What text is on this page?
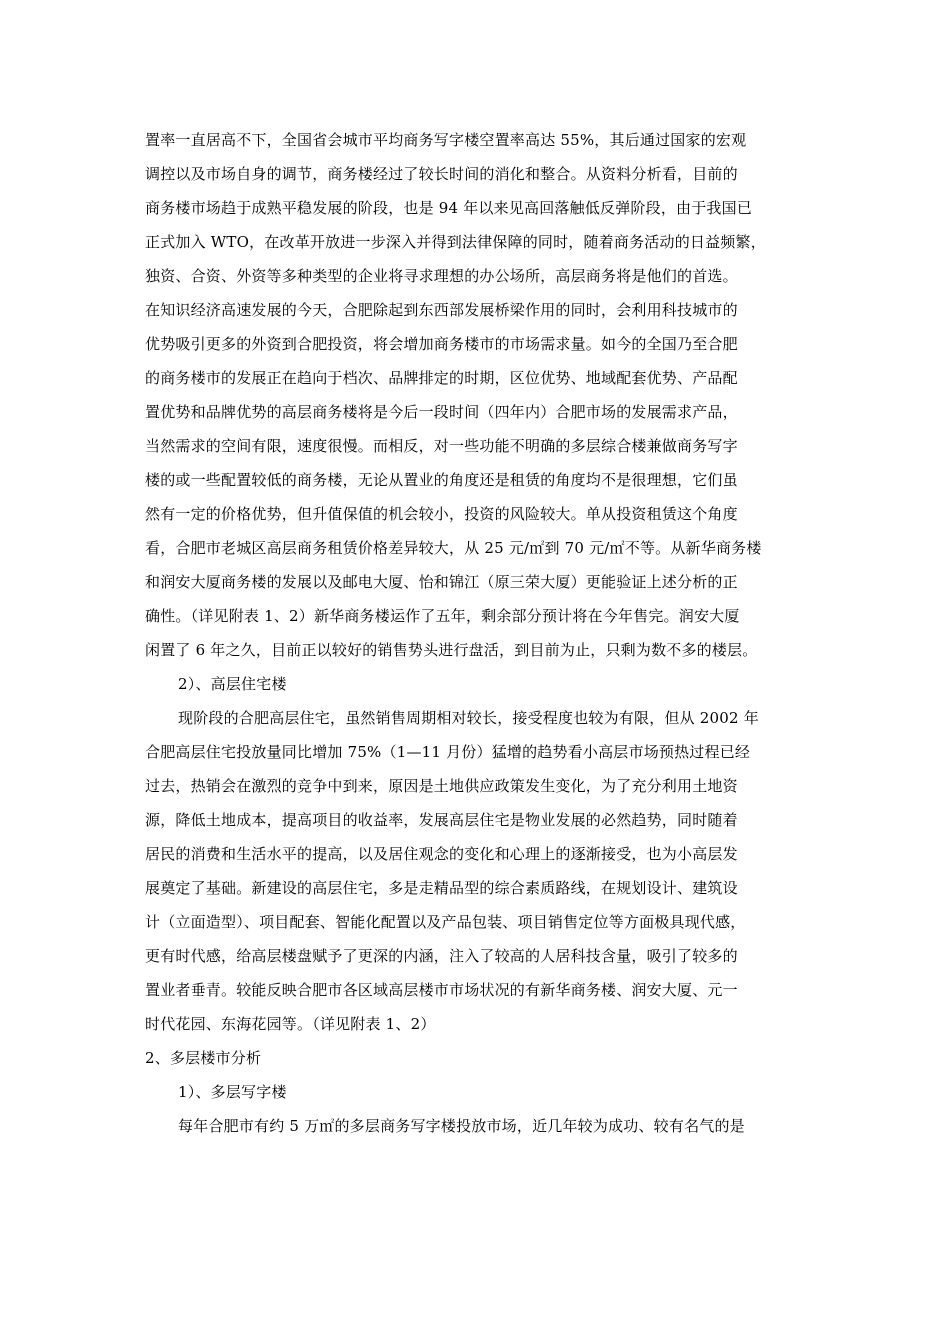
置率一直居高不下，全国省会城市平均商务写字楼空置率高达 55%，其后通过国家的宏观
调控以及市场自身的调节，商务楼经过了较长时间的消化和整合。从资料分析看，目前的
商务楼市场趋于成熟平稳发展的阶段，也是 94 年以来见高回落触低反弹阶段，由于我国已
正式加入 WTO，在改革开放进一步深入并得到法律保障的同时，随着商务活动的日益频繁，
独资、合资、外资等多种类型的企业将寻求理想的办公场所，高层商务将是他们的首选。
在知识经济高速发展的今天，合肥除起到东西部发展桥梁作用的同时，会利用科技城市的
优势吸引更多的外资到合肥投资，将会增加商务楼市的市场需求量。如今的全国乃至合肥
的商务楼市的发展正在趋向于档次、品牌排定的时期，区位优势、地域配套优势、产品配
置优势和品牌优势的高层商务楼将是今后一段时间（四年内）合肥市场的发展需求产品，
当然需求的空间有限，速度很慢。而相反，对一些功能不明确的多层综合楼兼做商务写字
楼的或一些配置较低的商务楼，无论从置业的角度还是租赁的角度均不是很理想，它们虽
然有一定的价格优势，但升值保值的机会较小，投资的风险较大。单从投资租赁这个角度
看，合肥市老城区高层商务租赁价格差异较大，从 25 元/㎡到 70 元/㎡不等。从新华商务楼
和润安大厦商务楼的发展以及邮电大厦、怡和锦江（原三荣大厦）更能验证上述分析的正
确性。（详见附表 1、2）新华商务楼运作了五年，剩余部分预计将在今年售完。润安大厦
闲置了 6 年之久，目前正以较好的销售势头进行盘活，到目前为止，只剩为数不多的楼层。
2）、高层住宅楼
现阶段的合肥高层住宅，虽然销售周期相对较长，接受程度也较为有限，但从 2002 年
合肥高层住宅投放量同比增加 75%（1—11 月份）猛增的趋势看小高层市场预热过程已经
过去，热销会在激烈的竞争中到来，原因是土地供应政策发生变化，为了充分利用土地资
源，降低土地成本，提高项目的收益率，发展高层住宅是物业发展的必然趋势，同时随着
居民的消费和生活水平的提高，以及居住观念的变化和心理上的逐渐接受，也为小高层发
展奠定了基础。新建设的高层住宅，多是走精品型的综合素质路线，在规划设计、建筑设
计（立面造型）、项目配套、智能化配置以及产品包装、项目销售定位等方面极具现代感，
更有时代感，给高层楼盘赋予了更深的内涵，注入了较高的人居科技含量，吸引了较多的
置业者垂青。较能反映合肥市各区域高层楼市市场状况的有新华商务楼、润安大厦、元一
时代花园、东海花园等。（详见附表 1、2）
2、多层楼市分析
1）、多层写字楼
每年合肥市有约 5 万㎡的多层商务写字楼投放市场，近几年较为成功、较有名气的是
